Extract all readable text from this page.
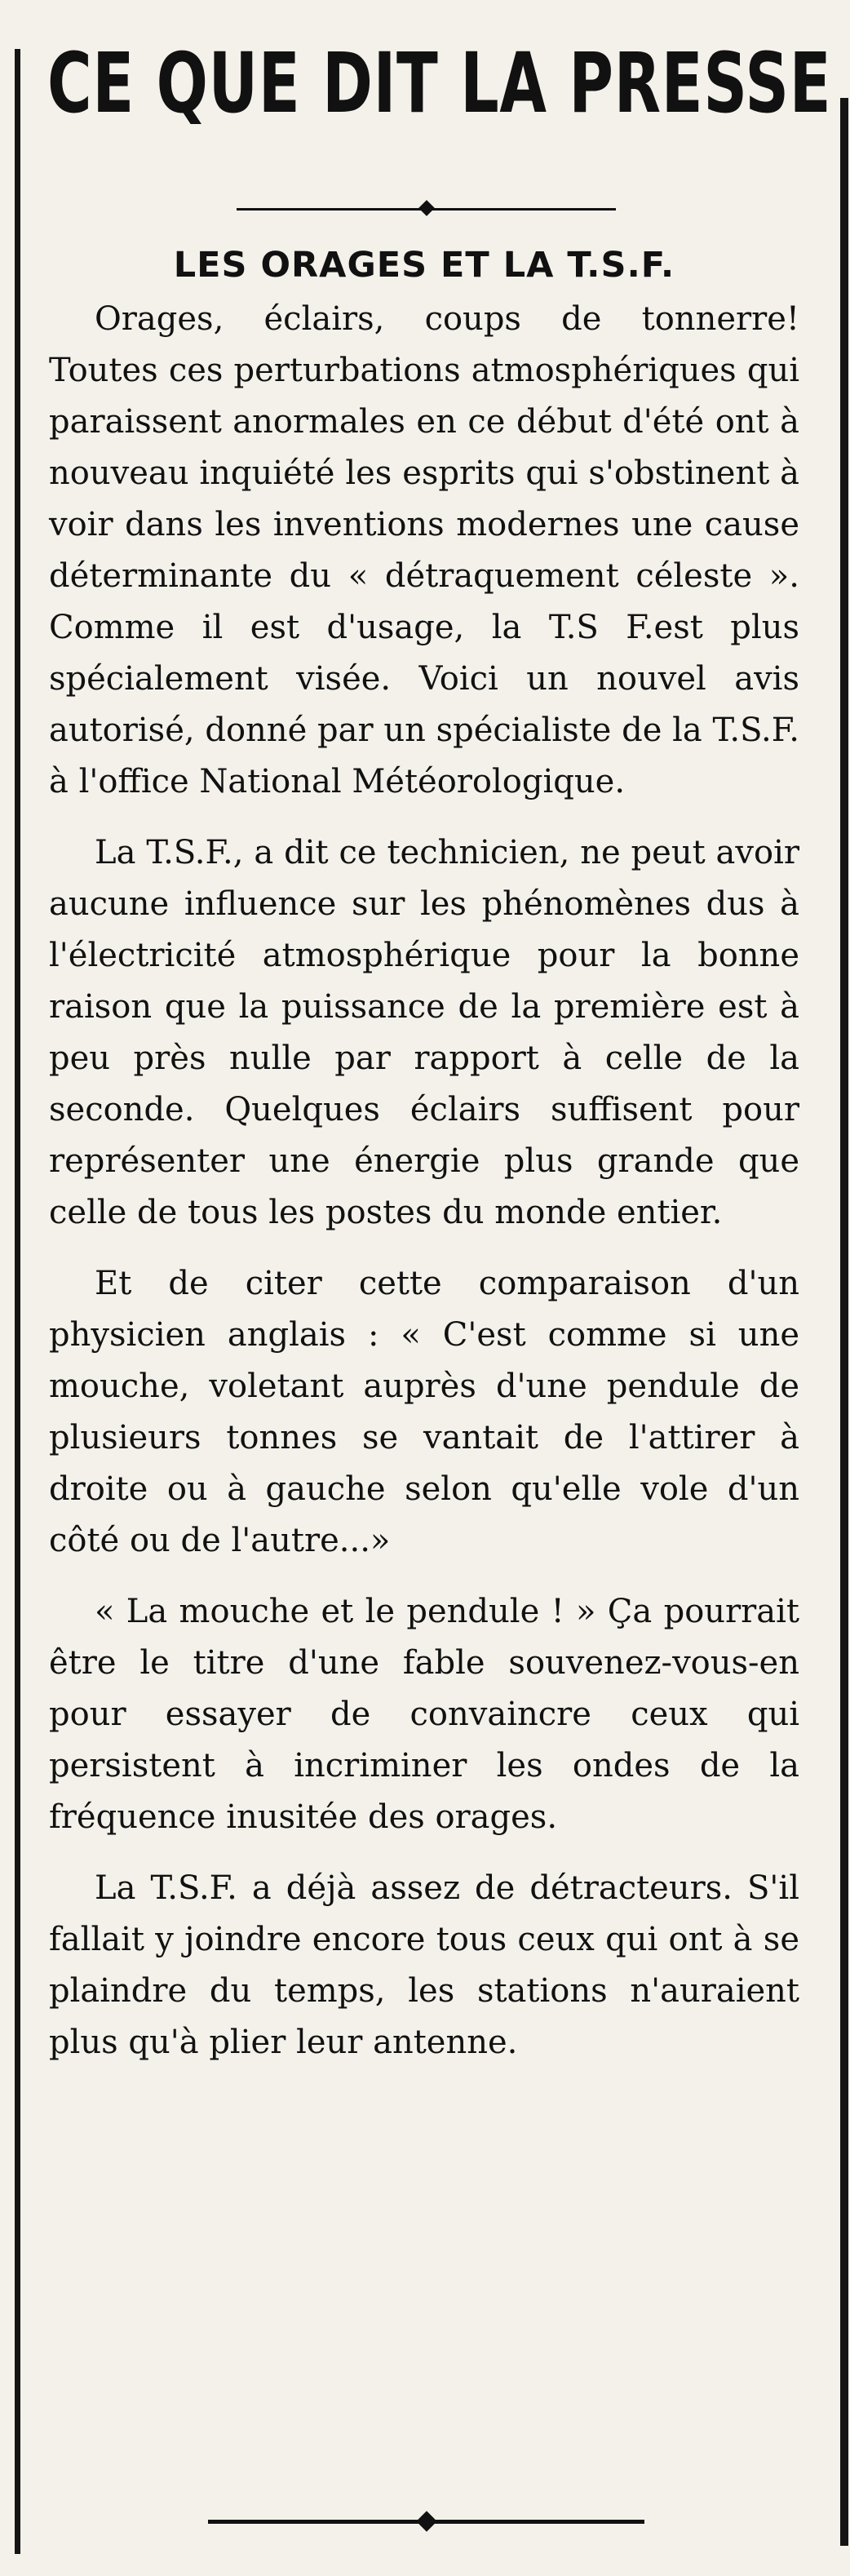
CE QUE DIT LA PRESSE
LES ORAGES ET LA T.S.F.

Orages, éclairs, coups de tonnerre! Toutes ces perturbations atmosphériques qui paraissent anormales en ce début d'été ont à nouveau inquiété les esprits qui s'obstinent à voir dans les inventions modernes une cause déterminante du « détraquement céleste ». Comme il est d'usage, la T.S F.est plus spécialement visée. Voici un nouvel avis autorisé, donné par un spécialiste de la T.S.F. à l'office National Météorologique.

La T.S.F., a dit ce technicien, ne peut avoir aucune influence sur les phénomènes dus à l'électricité atmosphérique pour la bonne raison que la puissance de la première est à peu près nulle par rapport à celle de la seconde. Quelques éclairs suffisent pour représenter une énergie plus grande que celle de tous les postes du monde entier.

Et de citer cette comparaison d'un physicien anglais : « C'est comme si une mouche, voletant auprès d'une pendule de plusieurs tonnes se vantait de l'attirer à droite ou à gauche selon qu'elle vole d'un côté ou de l'autre...»

« La mouche et le pendule ! » Ça pourrait être le titre d'une fable souvenez-vous-en pour essayer de convaincre ceux qui persistent à incriminer les ondes de la fréquence inusitée des orages.

La T.S.F. a déjà assez de détracteurs. S'il fallait y joindre encore tous ceux qui ont à se plaindre du temps, les stations n'auraient plus qu'à plier leur antenne.
